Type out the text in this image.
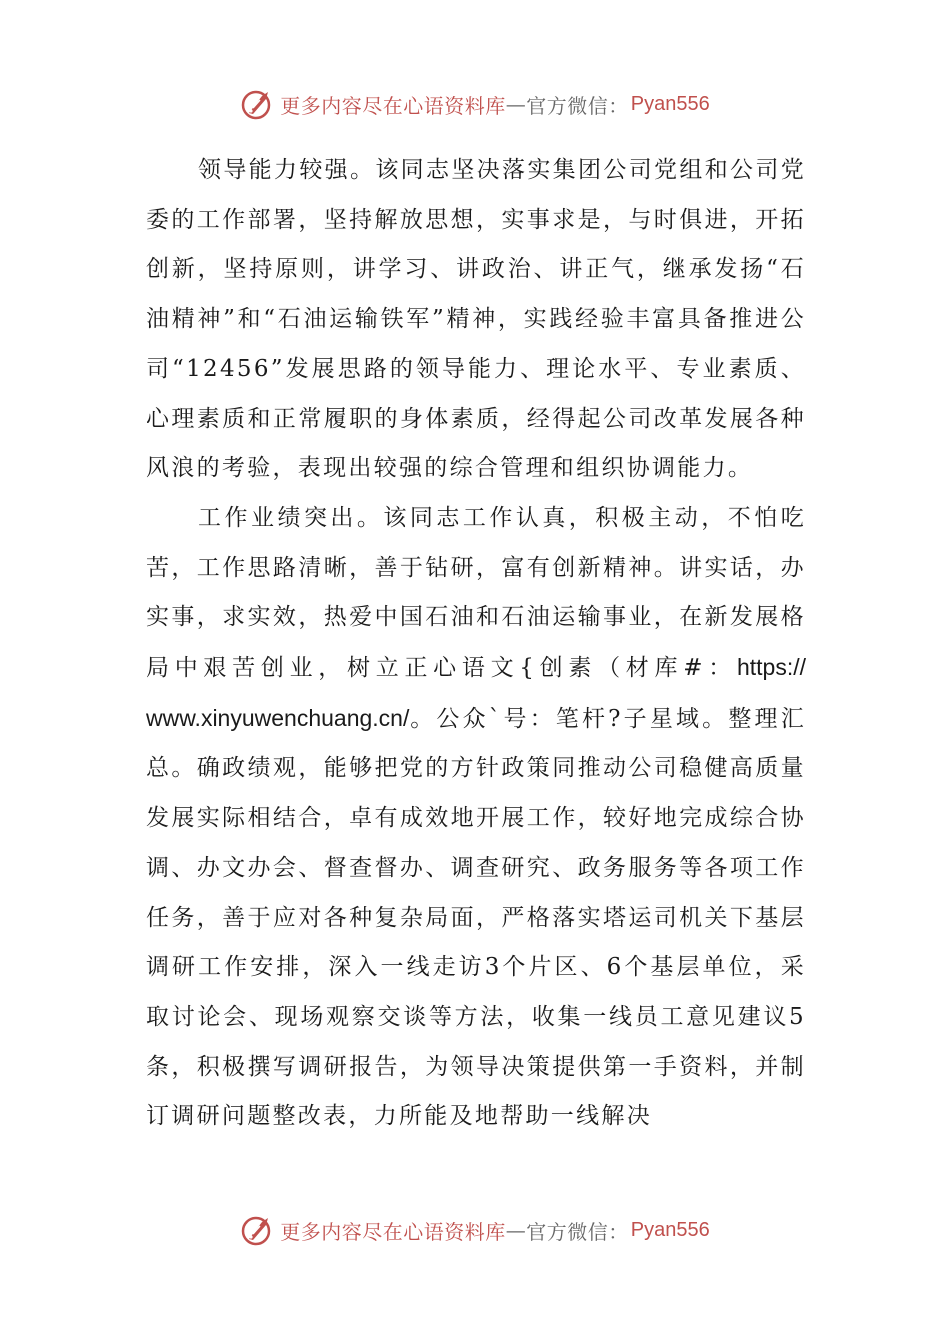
更多内容尽在心语资料库 — 官方微信： Pyan556

领导能力较强。该同志坚决落实集团公司党组和公司党委的工作部署，坚持解放思想，实事求是，与时俱进，开拓创新，坚持原则，讲学习、讲政治、讲正气，继承发扬“石油精神”和“石油运输铁军”精神，实践经验丰富具备推进公司“12456”发展思路的领导能力、理论水平、专业素质、心理素质和正常履职的身体素质，经得起公司改革发展各种风浪的考验，表现出较强的综合管理和组织协调能力。

工作业绩突出。该同志工作认真，积极主动，不怕吃苦，工作思路清晰，善于钻研，富有创新精神。讲实话，办实事，求实效，热爱中国石油和石油运输事业，在新发展格局中艰苦创业，树立正心语文{创素（材库#：https:// www.xinyuwenchuang.cn/。公众`号：笔杆?子星域。整理汇总。确政绩观，能够把党的方针政策同推动公司稳健高质量发展实际相结合，卓有成效地开展工作，较好地完成综合协调、办文办会、督查督办、调查研究、政务服务等各项工作任务，善于应对各种复杂局面，严格落实塔运司机关下基层调研工作安排，深入一线走访3个片区、6个基层单位，采取讨论会、现场观察交谈等方法，收集一线员工意见建议5条，积极撰写调研报告，为领导决策提供第一手资料，并制订调研问题整改表，力所能及地帮助一线解决

更多内容尽在心语资料库 — 官方微信： Pyan556
